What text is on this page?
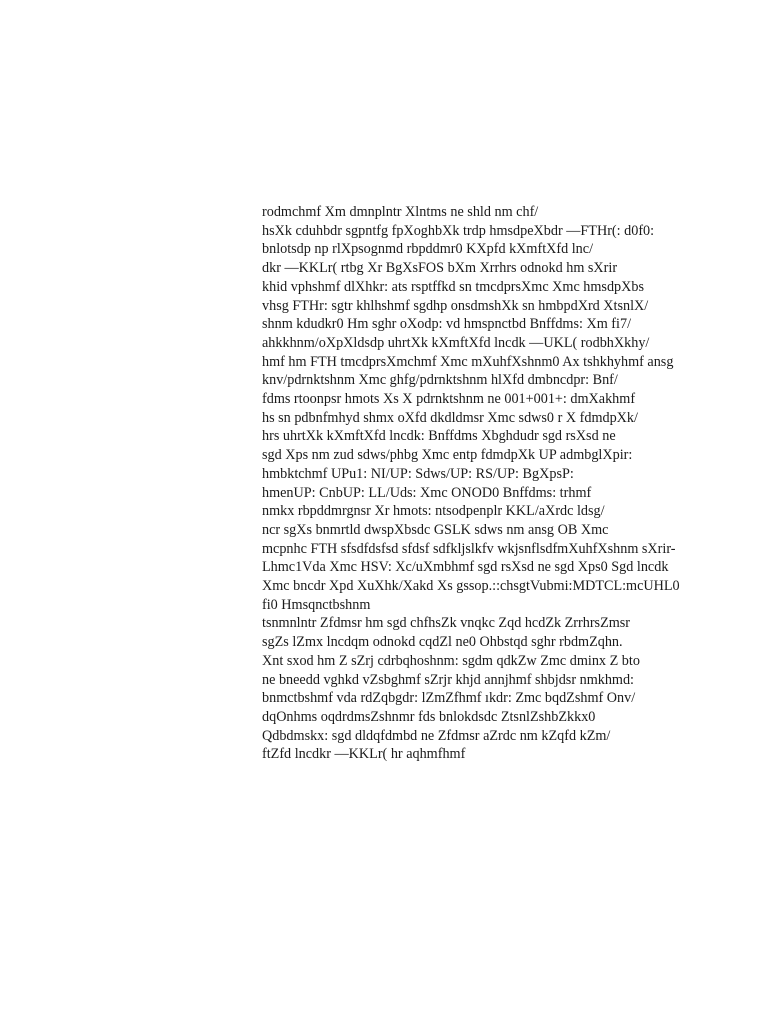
rodmchmf Xm dmnplntr Xlntms ne shld nm chf/
hsXk cduhbdr sgpntfg fpXoghbXk trdp hmsdpeXbdr —FTHr(: d0f0:
bnlotsdp np rlXpsognmd rbpddmr0 KXpfd kXmftXfd lnc/
dkr —KKLr( rtbg Xr BgXsFOS bXm Xrrhrs odnokd hm sXrir
khid vphshmf dlXhkr: ats rsptffkd sn tmcdprsXmc Xmc hmsdpXbs
vhsg FTHr: sgtr khlhshmf sgdhp onsdmshXk sn hmbpdXrd XtsnlX/
shnm kdudkr0 Hm sghr oXodp: vd hmspnctbd Bnffdms: Xm fi7/
ahkkhnm/oXpXldsdp uhrtXk kXmftXfd lncdk —UKL( rodbhXkhy/
hmf hm FTH tmcdprsXmchmf Xmc mXuhfXshnm0 Ax tshkhyhmf ansg
knv/pdrnktshnm Xmc ghfg/pdrnktshnm hlXfd dmbncdpr: Bnf/
fdms rtoonpsr hmots Xs X pdrnktshnm ne 001+001+: dmXakhmf
hs sn pdbnfmhyd shmx oXfd dkdldmsr Xmc sdws0 r X fdmdpXk/
hrs uhrtXk kXmftXfd lncdk: Bnffdms Xbghdudr sgd rsXsd ne
sgd Xps nm zud sdws/phbg Xmc entp fdmdpXk UP admbglXpir:
hmbktchmf UPu1: NI/UP: Sdws/UP: RS/UP: BgXpsP:
hmenUP: CnbUP: LL/Uds: Xmc ONOD0 Bnffdms: trhmf
nmkx rbpddmrgnsr Xr hmots: ntsodpenplr KKL/aXrdc ldsg/
ncr sgXs bnmrtld dwspXbsdc GSLK sdws nm ansg OB Xmc
mcpnhc FTH sfsdfdsfsd sfdsf sdfkljslkfv wkjsnflsdfmXuhfXshnm sXrir-
Lhmc1Vda Xmc HSV: Xc/uXmbhmf sgd rsXsd ne sgd Xps0 Sgd lncdk
Xmc bncdr Xpd XuXhk/Xakd Xs gssop.::chsgtVubmi:MDTCL:mcUHL0
fi0 Hmsqnctbshnm
tsnmnlntr Zfdmsr hm sgd chfhsZk vnqkc Zqd hcdZk ZrrhrsZmsr
sgZs lZmx lncdqm odnokd cqdZl ne0 Ohbstqd sghr rbdmZqhn.
Xnt sxod hm Z sZrj cdrbqhoshnm: sgdm qdkZw Zmc dminx Z bto
ne bneedd vghkd vZsbghmf sZrjr khjd annjhmf shbjdsr nmkhmd:
bnmctbshmf vda rdZqbgdr: lZmZfhmf ıkdr: Zmc bqdZshmf Onv/
dqOnhms oqdrdmsZshnmr fds bnlokdsdc ZtsnlZshbZkkx0
Qdbdmskx: sgd dldqfdmbd ne Zfdmsr aZrdc nm kZqfd kZm/
ftZfd lncdkr —KKLr( hr aqhmfhmf
